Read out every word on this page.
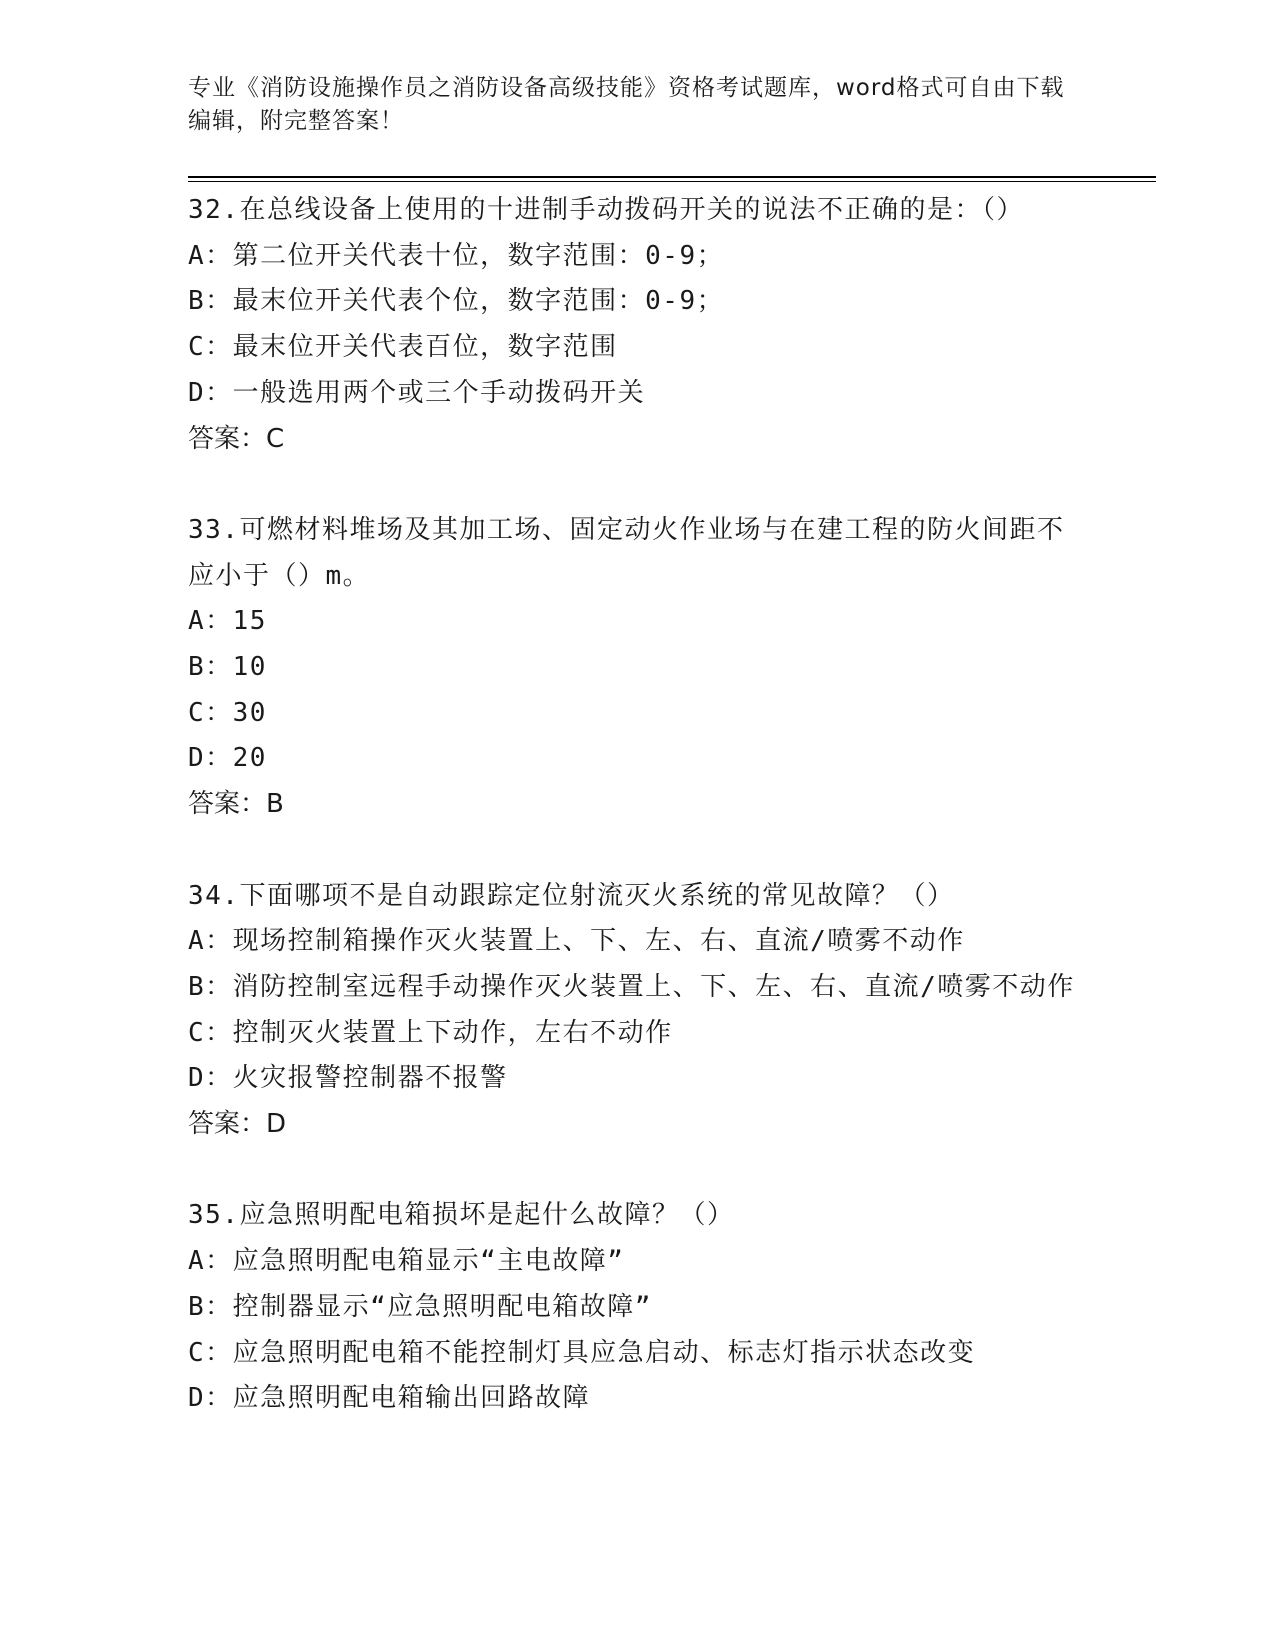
专业《消防设施操作员之消防设备高级技能》资格考试题库，word格式可自由下载编辑，附完整答案！
32.在总线设备上使用的十进制手动拨码开关的说法不正确的是：（）
A：第二位开关代表十位，数字范围：0-9；
B：最末位开关代表个位，数字范围：0-9；
C：最末位开关代表百位，数字范围
D：一般选用两个或三个手动拨码开关
答案：C
33.可燃材料堆场及其加工场、固定动火作业场与在建工程的防火间距不应小于（）m。
A：15
B：10
C：30
D：20
答案：B
34.下面哪项不是自动跟踪定位射流灭火系统的常见故障？（）
A：现场控制箱操作灭火装置上、下、左、右、直流/喷雾不动作
B：消防控制室远程手动操作灭火装置上、下、左、右、直流/喷雾不动作
C：控制灭火装置上下动作，左右不动作
D：火灾报警控制器不报警
答案：D
35.应急照明配电箱损坏是起什么故障？（）
A：应急照明配电箱显示“主电故障”
B：控制器显示“应急照明配电箱故障”
C：应急照明配电箱不能控制灯具应急启动、标志灯指示状态改变
D：应急照明配电箱输出回路故障
